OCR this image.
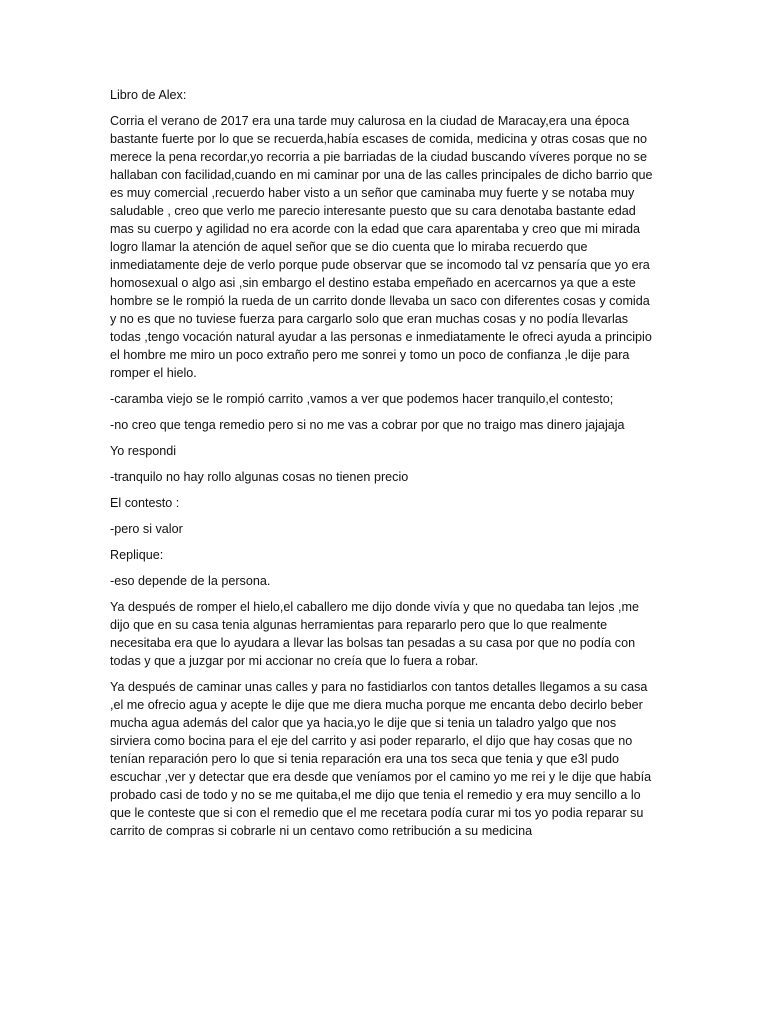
Libro de Alex:

Corria el verano de 2017 era una tarde muy calurosa en la ciudad de Maracay,era una época bastante fuerte por lo que se recuerda,había escases de comida, medicina y otras cosas que no merece la pena recordar,yo recorria a pie barriadas de la ciudad buscando víveres porque no se hallaban con facilidad,cuando en mi caminar por una de las calles principales de dicho barrio que es muy comercial ,recuerdo haber visto a un señor que caminaba muy fuerte y se notaba muy saludable , creo que verlo me parecio interesante puesto que su cara denotaba bastante edad mas su cuerpo y agilidad no era acorde con la edad que cara aparentaba y creo que mi mirada logro llamar la atención de aquel señor que se dio cuenta que lo miraba recuerdo que inmediatamente deje de verlo porque pude observar que se incomodo tal vz pensaría que yo era homosexual o algo asi ,sin embargo el destino estaba empeñado en acercarnos ya que a este hombre se le rompió la rueda de un carrito donde llevaba un saco con diferentes cosas y comida y no es que no tuviese fuerza para cargarlo solo que eran muchas cosas y no podía llevarlas todas ,tengo vocación natural ayudar a las personas e inmediatamente le ofreci ayuda a principio el hombre me miro un poco extraño pero me sonrei y tomo un poco de confianza ,le dije para romper el hielo.

-caramba viejo se le rompió carrito ,vamos a ver que podemos hacer tranquilo,el contesto;

-no creo que tenga remedio pero si no me vas a cobrar por que no traigo mas dinero jajajaja

Yo respondi

-tranquilo no hay rollo algunas cosas no tienen precio

El contesto :

-pero si valor

Replique:

-eso depende de la persona.

Ya después de romper el hielo,el caballero me dijo donde vivía y que no quedaba tan lejos ,me dijo que en su casa tenia algunas herramientas para repararlo pero que lo que realmente necesitaba era que lo ayudara a llevar las bolsas tan pesadas a su casa por que no podía con todas y que a juzgar por mi accionar no creía que lo fuera a robar.

Ya después de caminar unas calles y para no fastidiarlos con tantos detalles llegamos a su casa ,el me ofrecio agua y acepte le dije que me diera mucha porque me encanta debo decirlo beber mucha agua además del calor que ya hacia,yo le dije que si tenia un taladro yalgo que nos sirviera como bocina para el eje del carrito y asi poder repararlo, el dijo que hay cosas que no tenían reparación pero lo que si tenia reparación era una tos seca que tenia y que e3l pudo escuchar ,ver y detectar que era desde que veníamos por el camino yo me rei y le dije que había probado casi de todo y no se me quitaba,el me dijo que tenia el remedio y era muy sencillo a lo que le conteste que si con el remedio que el me recetara podía curar mi tos yo podia reparar su carrito de compras si cobrarle ni un centavo como retribución a su medicina
